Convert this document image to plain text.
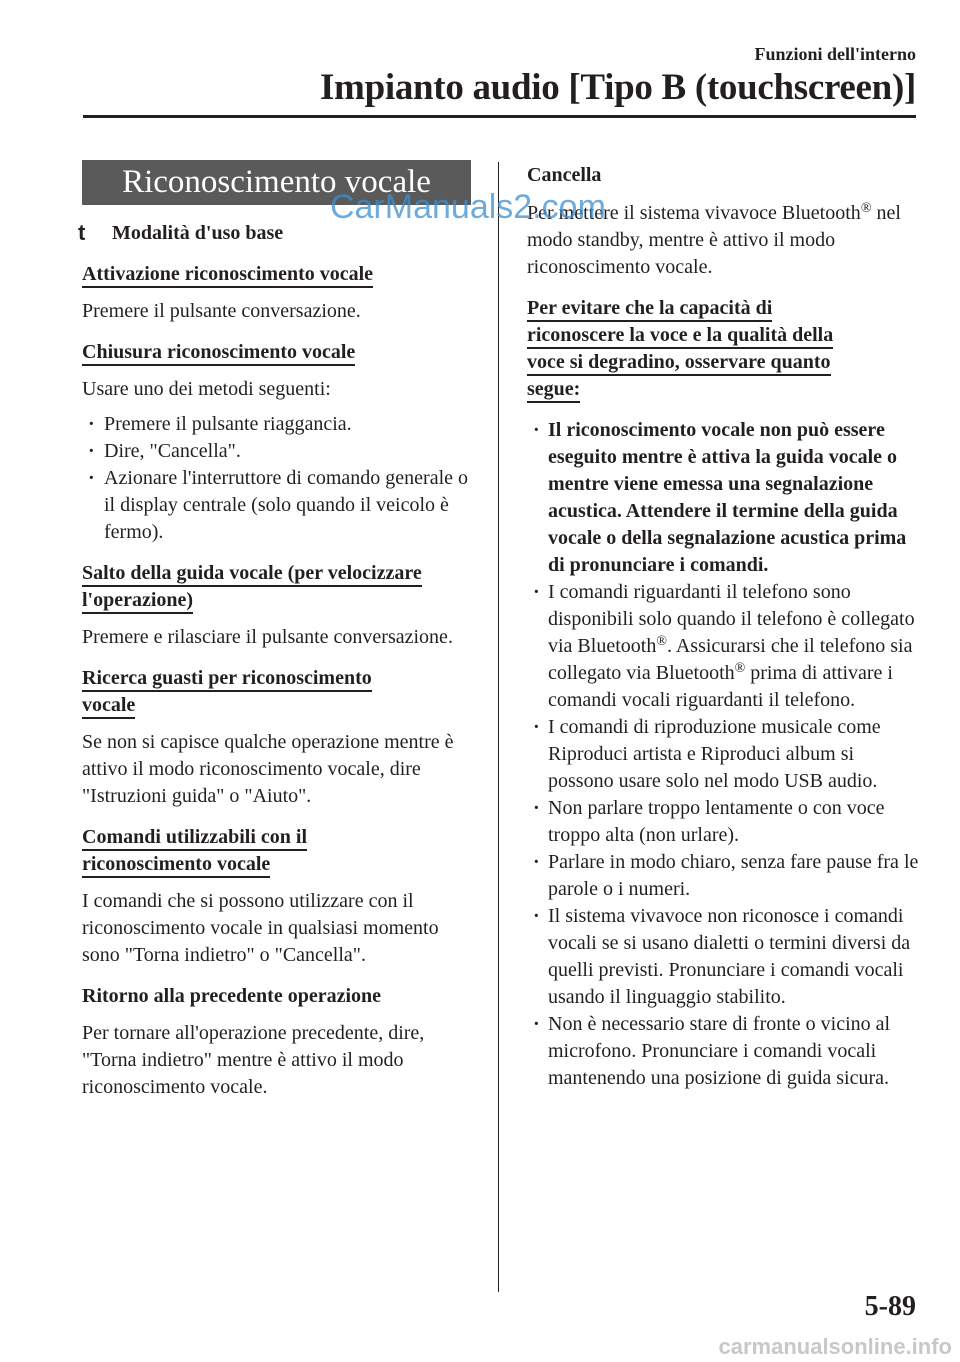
Funzioni dell'interno
Impianto audio [Tipo B (touchscreen)]
Riconoscimento vocale
t Modalità d'uso base
Attivazione riconoscimento vocale
Premere il pulsante conversazione.
Chiusura riconoscimento vocale
Usare uno dei metodi seguenti:
· Premere il pulsante riaggancia.
· Dire, "Cancella".
· Azionare l'interruttore di comando generale o il display centrale (solo quando il veicolo è fermo).
Salto della guida vocale (per velocizzare
l'operazione)
Premere e rilasciare il pulsante conversazione.
Ricerca guasti per riconoscimento
vocale
Se non si capisce qualche operazione mentre è attivo il modo riconoscimento vocale, dire "Istruzioni guida" o "Aiuto".
Comandi utilizzabili con il
riconoscimento vocale
I comandi che si possono utilizzare con il riconoscimento vocale in qualsiasi momento sono "Torna indietro" o "Cancella".
Ritorno alla precedente operazione
Per tornare all'operazione precedente, dire, "Torna indietro" mentre è attivo il modo riconoscimento vocale.
Cancella
Per mettere il sistema vivavoce Bluetooth® nel modo standby, mentre è attivo il modo riconoscimento vocale.
Per evitare che la capacità di
riconoscere la voce e la qualità della
voce si degradino, osservare quanto
segue:
· Il riconoscimento vocale non può essere eseguito mentre è attiva la guida vocale o mentre viene emessa una segnalazione acustica. Attendere il termine della guida vocale o della segnalazione acustica prima di pronunciare i comandi.
· I comandi riguardanti il telefono sono disponibili solo quando il telefono è collegato via Bluetooth®. Assicurarsi che il telefono sia collegato via Bluetooth® prima di attivare i comandi vocali riguardanti il telefono.
· I comandi di riproduzione musicale come Riproduci artista e Riproduci album si possono usare solo nel modo USB audio.
· Non parlare troppo lentamente o con voce troppo alta (non urlare).
· Parlare in modo chiaro, senza fare pause fra le parole o i numeri.
· Il sistema vivavoce non riconosce i comandi vocali se si usano dialetti o termini diversi da quelli previsti. Pronunciare i comandi vocali usando il linguaggio stabilito.
· Non è necessario stare di fronte o vicino al microfono. Pronunciare i comandi vocali mantenendo una posizione di guida sicura.
CarManuals2.com
5-89
carmanualsonline.info
